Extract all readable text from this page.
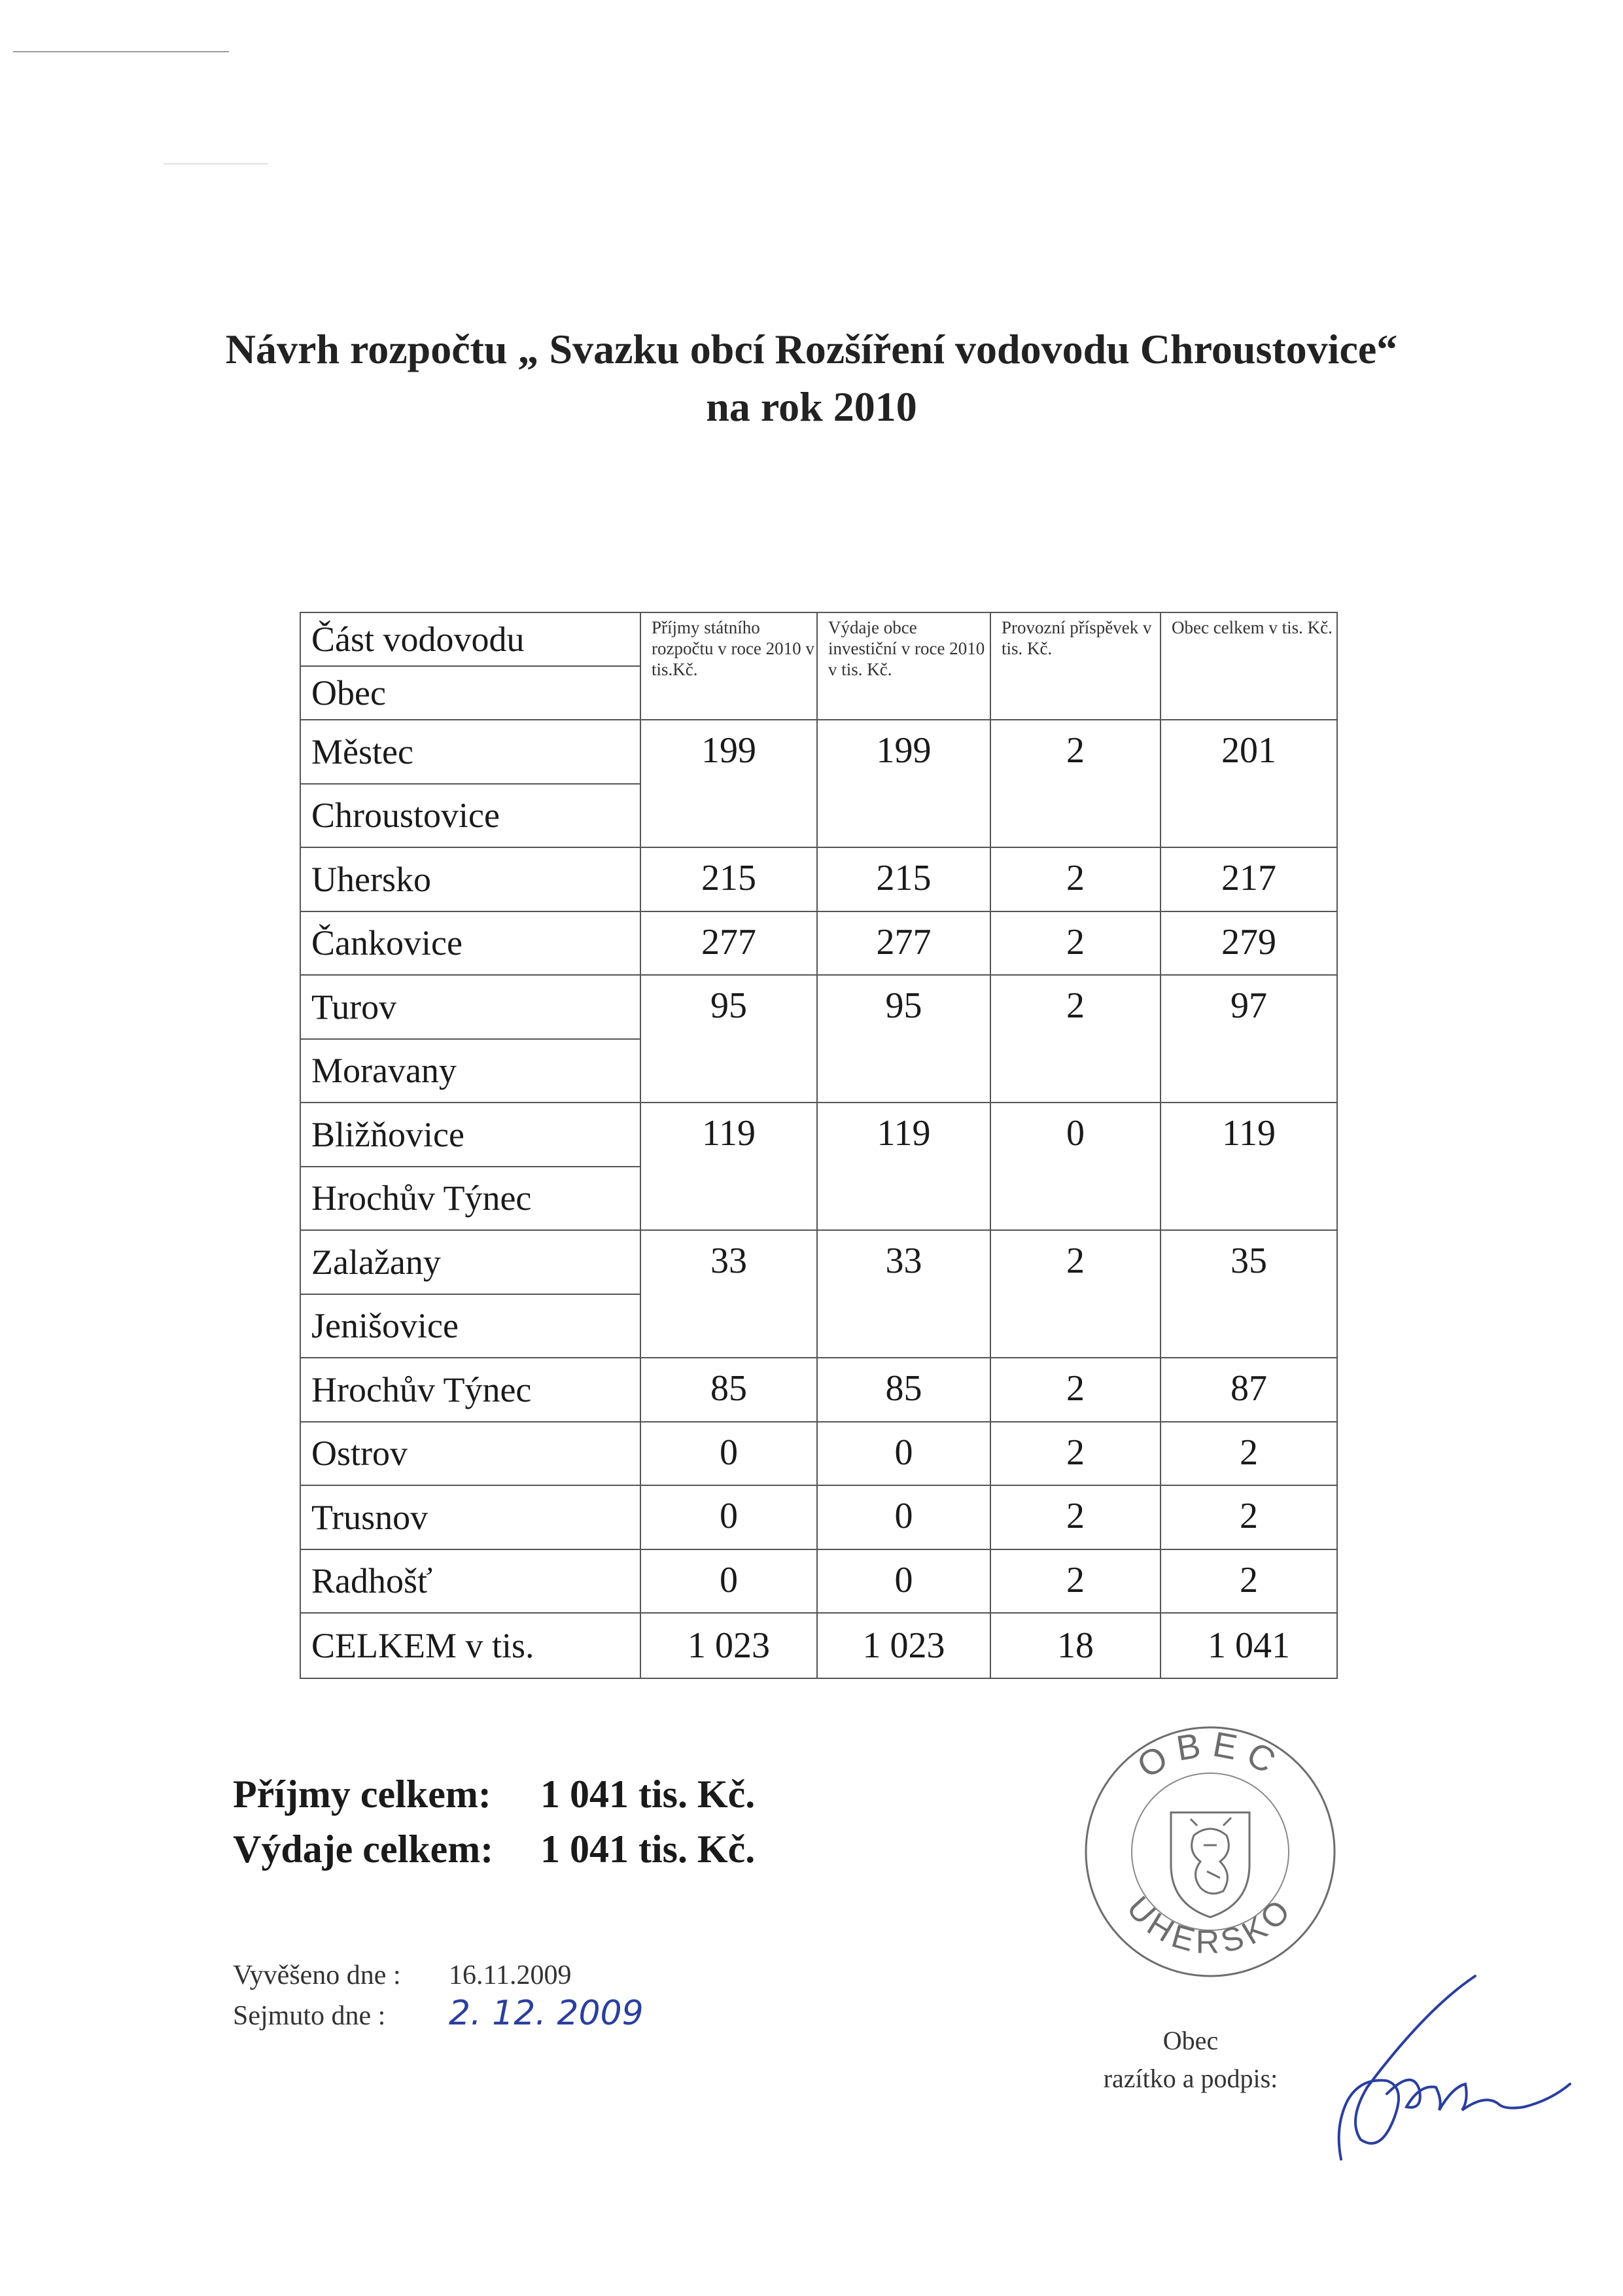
Návrh rozpočtu „ Svazku obcí Rozšíření vodovodu Chroustovice“
na rok 2010
Část vodovodu	Příjmy státního rozpočtu v roce 2010 v tis.Kč.	Výdaje obce investiční v roce 2010 v tis. Kč.	Provozní příspěvek v tis. Kč.	Obec celkem v tis. Kč.
Obec				
Městec	199	199	2	201
Chroustovice				
Uhersko	215	215	2	217
Čankovice	277	277	2	279
Turov	95	95	2	97
Moravany				
Bližňovice	119	119	0	119
Hrochův Týnec				
Zalažany	33	33	2	35
Jenišovice				
Hrochův Týnec	85	85	2	87
Ostrov	0	0	2	2
Trusnov	0	0	2	2
Radhošť	0	0	2	2
CELKEM v tis.	1 023	1 023	18	1 041
Příjmy celkem: 1 041 tis. Kč.
Výdaje celkem: 1 041 tis. Kč.
Vyvěšeno dne : 16.11.2009
Sejmuto dne : 2. 12. 2009
OBEC
UHERSKO
Obec
razítko a podpis:
